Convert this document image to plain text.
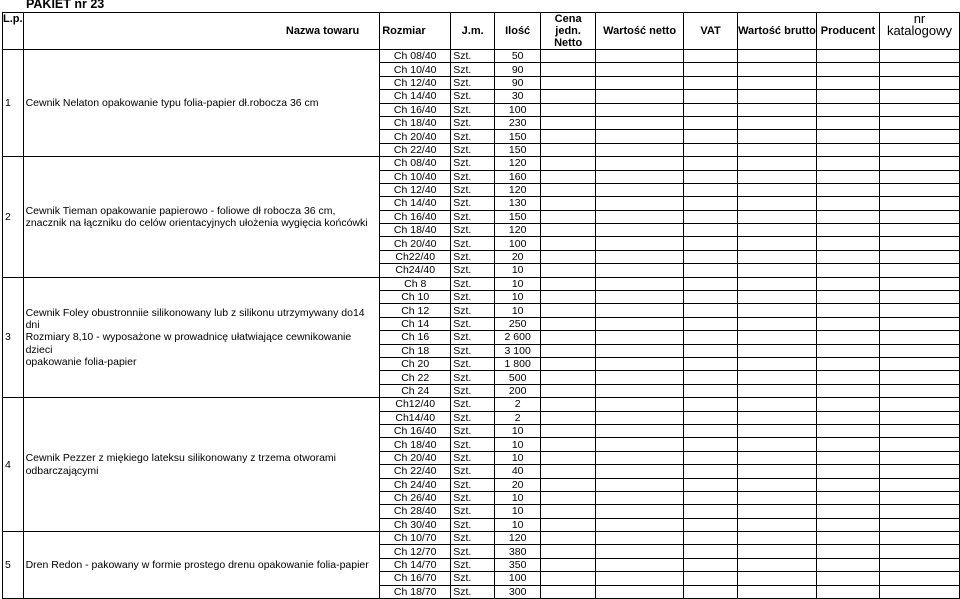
PAKIET nr 23
L.p.	Nazwa towaru	Rozmiar	J.m.	Ilość	Cena jedn. Netto	Wartość netto	VAT	Wartość brutto	Producent	nr katalogowy
1	Cewnik Nelaton opakowanie typu folia-papier dł.robocza 36 cm	Ch 08/40	Szt.	50						
		Ch 10/40	Szt.	90						
		Ch 12/40	Szt.	90						
		Ch 14/40	Szt.	30						
		Ch 16/40	Szt.	100						
		Ch 18/40	Szt.	230						
		Ch 20/40	Szt.	150						
		Ch 22/40	Szt.	150						
2	Cewnik Tieman opakowanie papierowo - foliowe dł robocza 36 cm,
znacznik na łączniku do celów orientacyjnych ułożenia wygięcia końcówki	Ch 08/40	Szt.	120						
		Ch 10/40	Szt.	160						
		Ch 12/40	Szt.	120						
		Ch 14/40	Szt.	130						
		Ch 16/40	Szt.	150						
		Ch 18/40	Szt.	120						
		Ch 20/40	Szt.	100						
		Ch22/40	Szt.	20						
		Ch24/40	Szt.	10						
3	Cewnik Foley obustronniie silikonowany lub z silikonu utrzymywany do14 dni
Rozmiary 8,10 - wyposażone w prowadnicę ułatwiające cewnikowanie dzieci
opakowanie folia-papier	Ch 8	Szt.	10						
		Ch 10	Szt.	10						
		Ch 12	Szt.	10						
		Ch 14	Szt.	250						
		Ch 16	Szt.	2 600						
		Ch 18	Szt.	3 100						
		Ch 20	Szt.	1 800						
		Ch 22	Szt.	500						
		Ch 24	Szt.	200						
4	Cewnik Pezzer z miękiego lateksu silikonowany z trzema otworami odbarczającymi	Ch12/40	Szt.	2						
		Ch14/40	Szt.	2						
		Ch 16/40	Szt.	10						
		Ch 18/40	Szt.	10						
		Ch 20/40	Szt.	10						
		Ch 22/40	Szt.	40						
		Ch 24/40	Szt.	20						
		Ch 26/40	Szt.	10						
		Ch 28/40	Szt.	10						
		Ch 30/40	Szt.	10						
5	Dren Redon - pakowany w formie prostego drenu opakowanie folia-papier	Ch 10/70	Szt.	120						
		Ch 12/70	Szt.	380						
		Ch 14/70	Szt.	350						
		Ch 16/70	Szt.	100						
		Ch 18/70	Szt.	300						
